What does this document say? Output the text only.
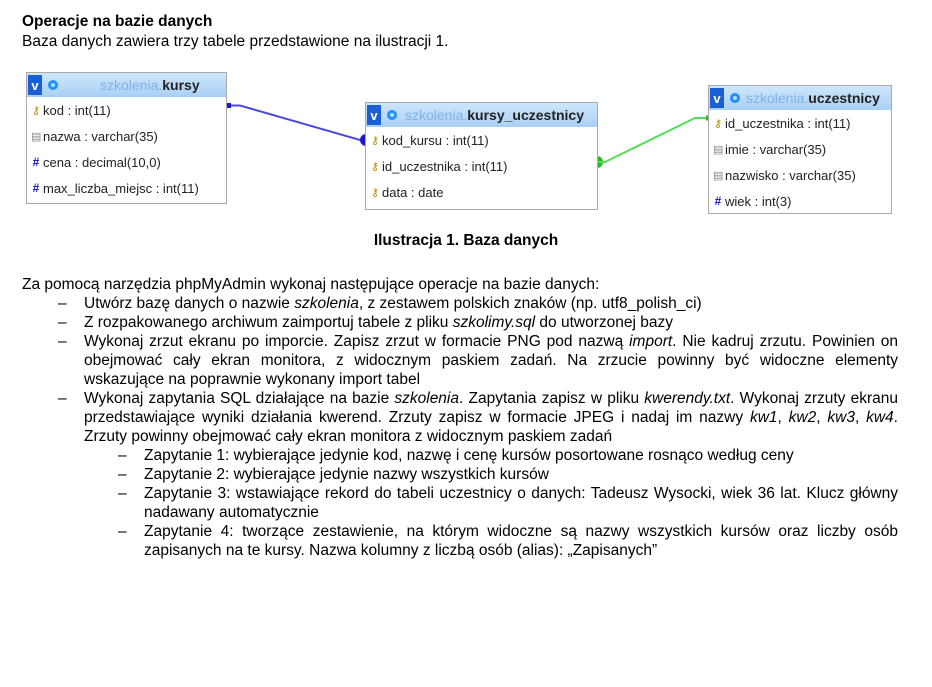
Operacje na bazie danych
Baza danych zawiera trzy tabele przedstawione na ilustracji 1.
v	szkolenia.kursy
⚷ kod : int(11)
▤ nazwa : varchar(35)
# cena : decimal(10,0)
# max_liczba_miejsc : int(11)
v szkolenia.kursy_uczestnicy
⚷ kod_kursu : int(11)
⚷ id_uczestnika : int(11)
⚷ data : date
v szkolenia.uczestnicy
⚷ id_uczestnika : int(11)
▤ imie : varchar(35)
▤ nazwisko : varchar(35)
# wiek : int(3)
Ilustracja 1. Baza danych

Za pomocą narzędzia phpMyAdmin wykonaj następujące operacje na bazie danych:

– Utwórz bazę danych o nazwie szkolenia, z zestawem polskich znaków (np. utf8_polish_ci)
– Z rozpakowanego archiwum zaimportuj tabele z pliku szkolimy.sql do utworzonej bazy
– Wykonaj zrzut ekranu po imporcie. Zapisz zrzut w formacie PNG pod nazwą import. Nie kadruj zrzutu. Powinien on obejmować cały ekran monitora, z widocznym paskiem zadań. Na zrzucie powinny być widoczne elementy wskazujące na poprawnie wykonany import tabel
– Wykonaj zapytania SQL działające na bazie szkolenia. Zapytania zapisz w pliku kwerendy.txt. Wykonaj zrzuty ekranu przedstawiające wyniki działania kwerend. Zrzuty zapisz w formacie JPEG i nadaj im nazwy kw1, kw2, kw3, kw4. Zrzuty powinny obejmować cały ekran monitora z widocznym paskiem zadań
– Zapytanie 1: wybierające jedynie kod, nazwę i cenę kursów posortowane rosnąco według ceny
– Zapytanie 2: wybierające jedynie nazwy wszystkich kursów
– Zapytanie 3: wstawiające rekord do tabeli uczestnicy o danych: Tadeusz Wysocki, wiek 36 lat. Klucz główny nadawany automatycznie
– Zapytanie 4: tworzące zestawienie, na którym widoczne są nazwy wszystkich kursów oraz liczby osób zapisanych na te kursy. Nazwa kolumny z liczbą osób (alias): „Zapisanych”
